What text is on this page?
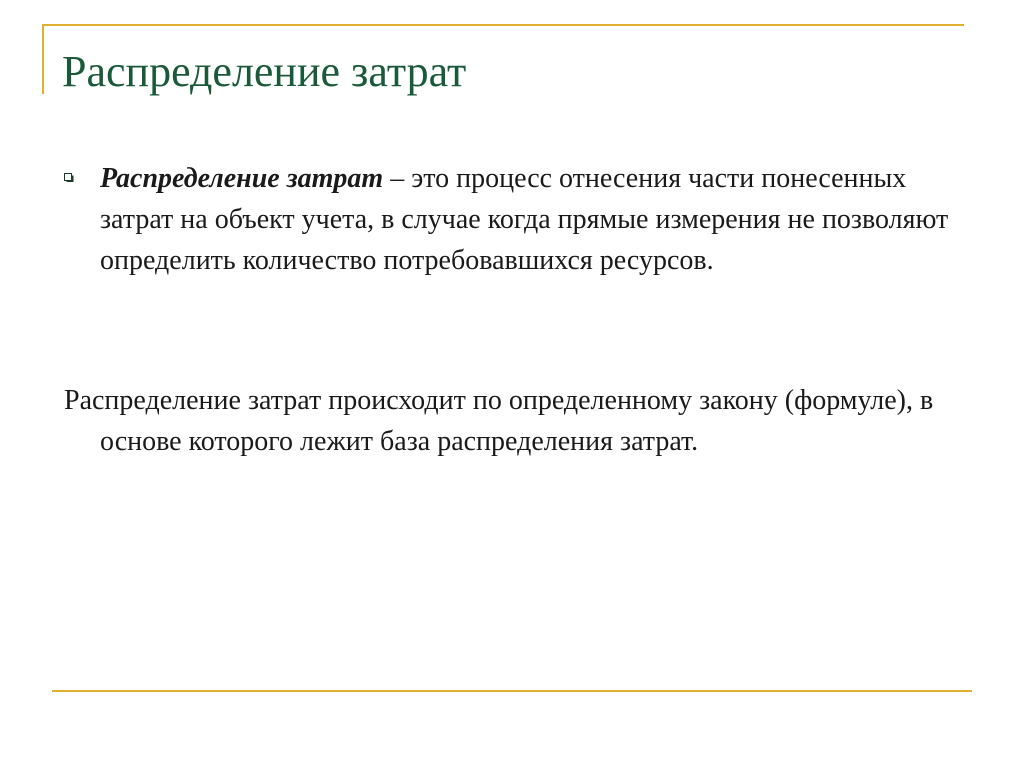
Распределение затрат
Распределение затрат – это процесс отнесения части понесенных затрат на объект учета, в случае когда прямые измерения не позволяют определить количество потребовавшихся ресурсов.
Распределение затрат происходит по определенному закону (формуле), в основе которого лежит база распределения затрат.
